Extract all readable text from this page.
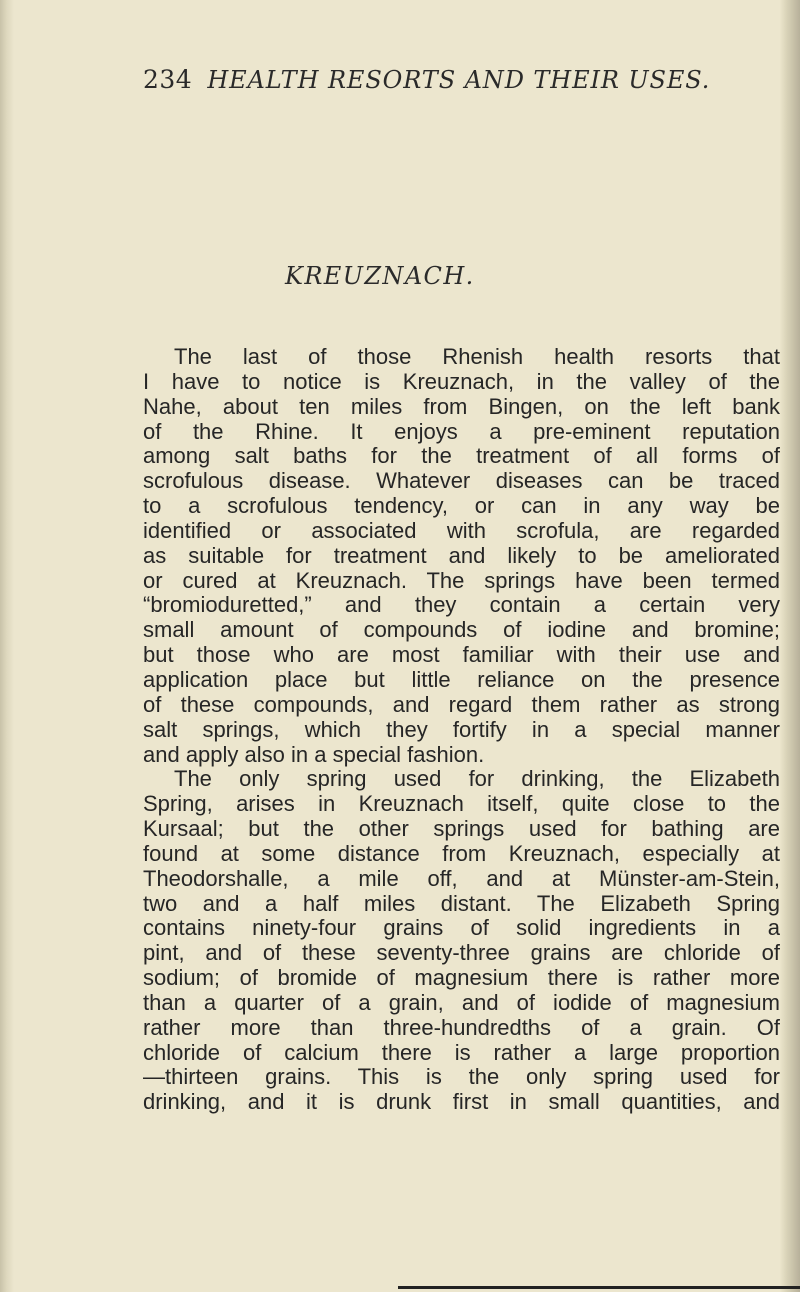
234 HEALTH RESORTS AND THEIR USES.
KREUZNACH.
The last of those Rhenish health resorts that
I have to notice is Kreuznach, in the valley of the
Nahe, about ten miles from Bingen, on the left bank
of the Rhine. It enjoys a pre-eminent reputation
among salt baths for the treatment of all forms of
scrofulous disease. Whatever diseases can be traced
to a scrofulous tendency, or can in any way be
identified or associated with scrofula, are regarded
as suitable for treatment and likely to be ameliorated
or cured at Kreuznach. The springs have been termed
“bromioduretted,” and they contain a certain very
small amount of compounds of iodine and bromine;
but those who are most familiar with their use and
application place but little reliance on the presence
of these compounds, and regard them rather as strong
salt springs, which they fortify in a special manner
and apply also in a special fashion.
The only spring used for drinking, the Elizabeth
Spring, arises in Kreuznach itself, quite close to the
Kursaal; but the other springs used for bathing are
found at some distance from Kreuznach, especially at
Theodorshalle, a mile off, and at Münster-am-Stein,
two and a half miles distant. The Elizabeth Spring
contains ninety-four grains of solid ingredients in a
pint, and of these seventy-three grains are chloride of
sodium; of bromide of magnesium there is rather more
than a quarter of a grain, and of iodide of magnesium
rather more than three-hundredths of a grain. Of
chloride of calcium there is rather a large proportion
—thirteen grains. This is the only spring used for
drinking, and it is drunk first in small quantities, and
